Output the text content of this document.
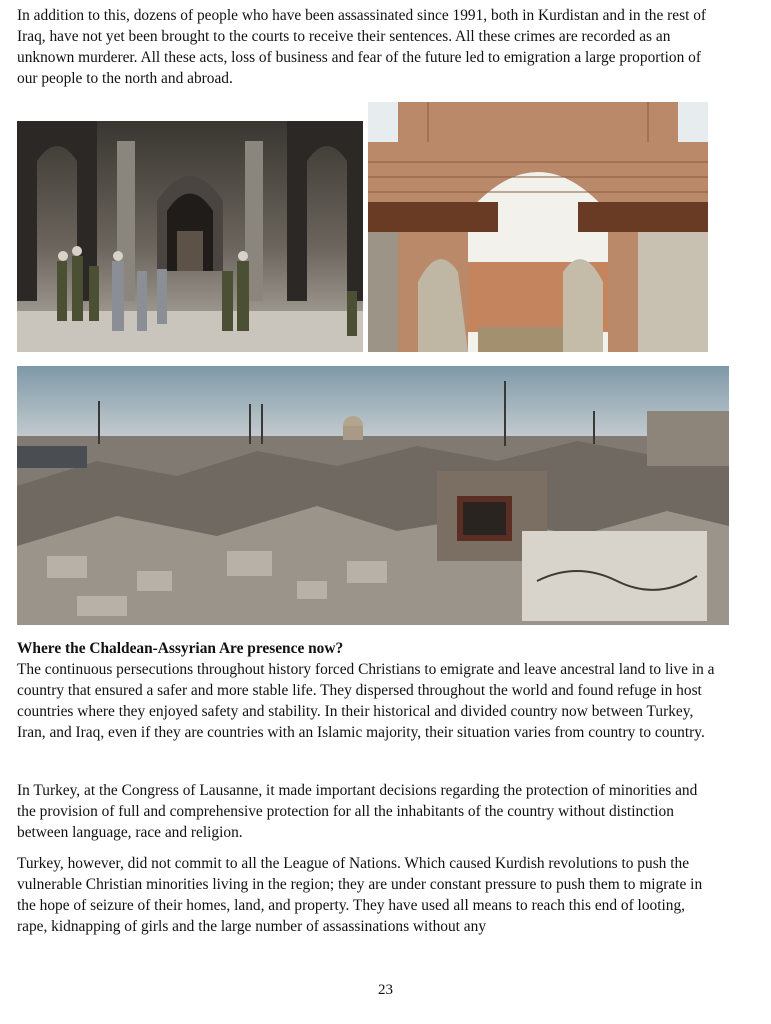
In addition to this, dozens of people who have been assassinated since 1991, both in Kurdistan and in the rest of Iraq, have not yet been brought to the courts to receive their sentences. All these crimes are recorded as an unknown murderer. All these acts, loss of business and fear of the future led to emigration a large proportion of our people to the north and abroad.

Where the Chaldean-Assyrian Are presence now?

The continuous persecutions throughout history forced Christians to emigrate and leave ancestral land to live in a country that ensured a safer and more stable life. They dispersed throughout the world and found refuge in host countries where they enjoyed safety and stability. In their historical and divided country now between Turkey, Iran, and Iraq, even if they are countries with an Islamic majority, their situation varies from country to country.

In Turkey, at the Congress of Lausanne, it made important decisions regarding the protection of minorities and the provision of full and comprehensive protection for all the inhabitants of the country without distinction between language, race and religion.

Turkey, however, did not commit to all the League of Nations. Which caused Kurdish revolutions to push the vulnerable Christian minorities living in the region; they are under constant pressure to push them to migrate in the hope of seizure of their homes, land, and property. They have used all means to reach this end of looting, rape, kidnapping of girls and the large number of assassinations without any

23
